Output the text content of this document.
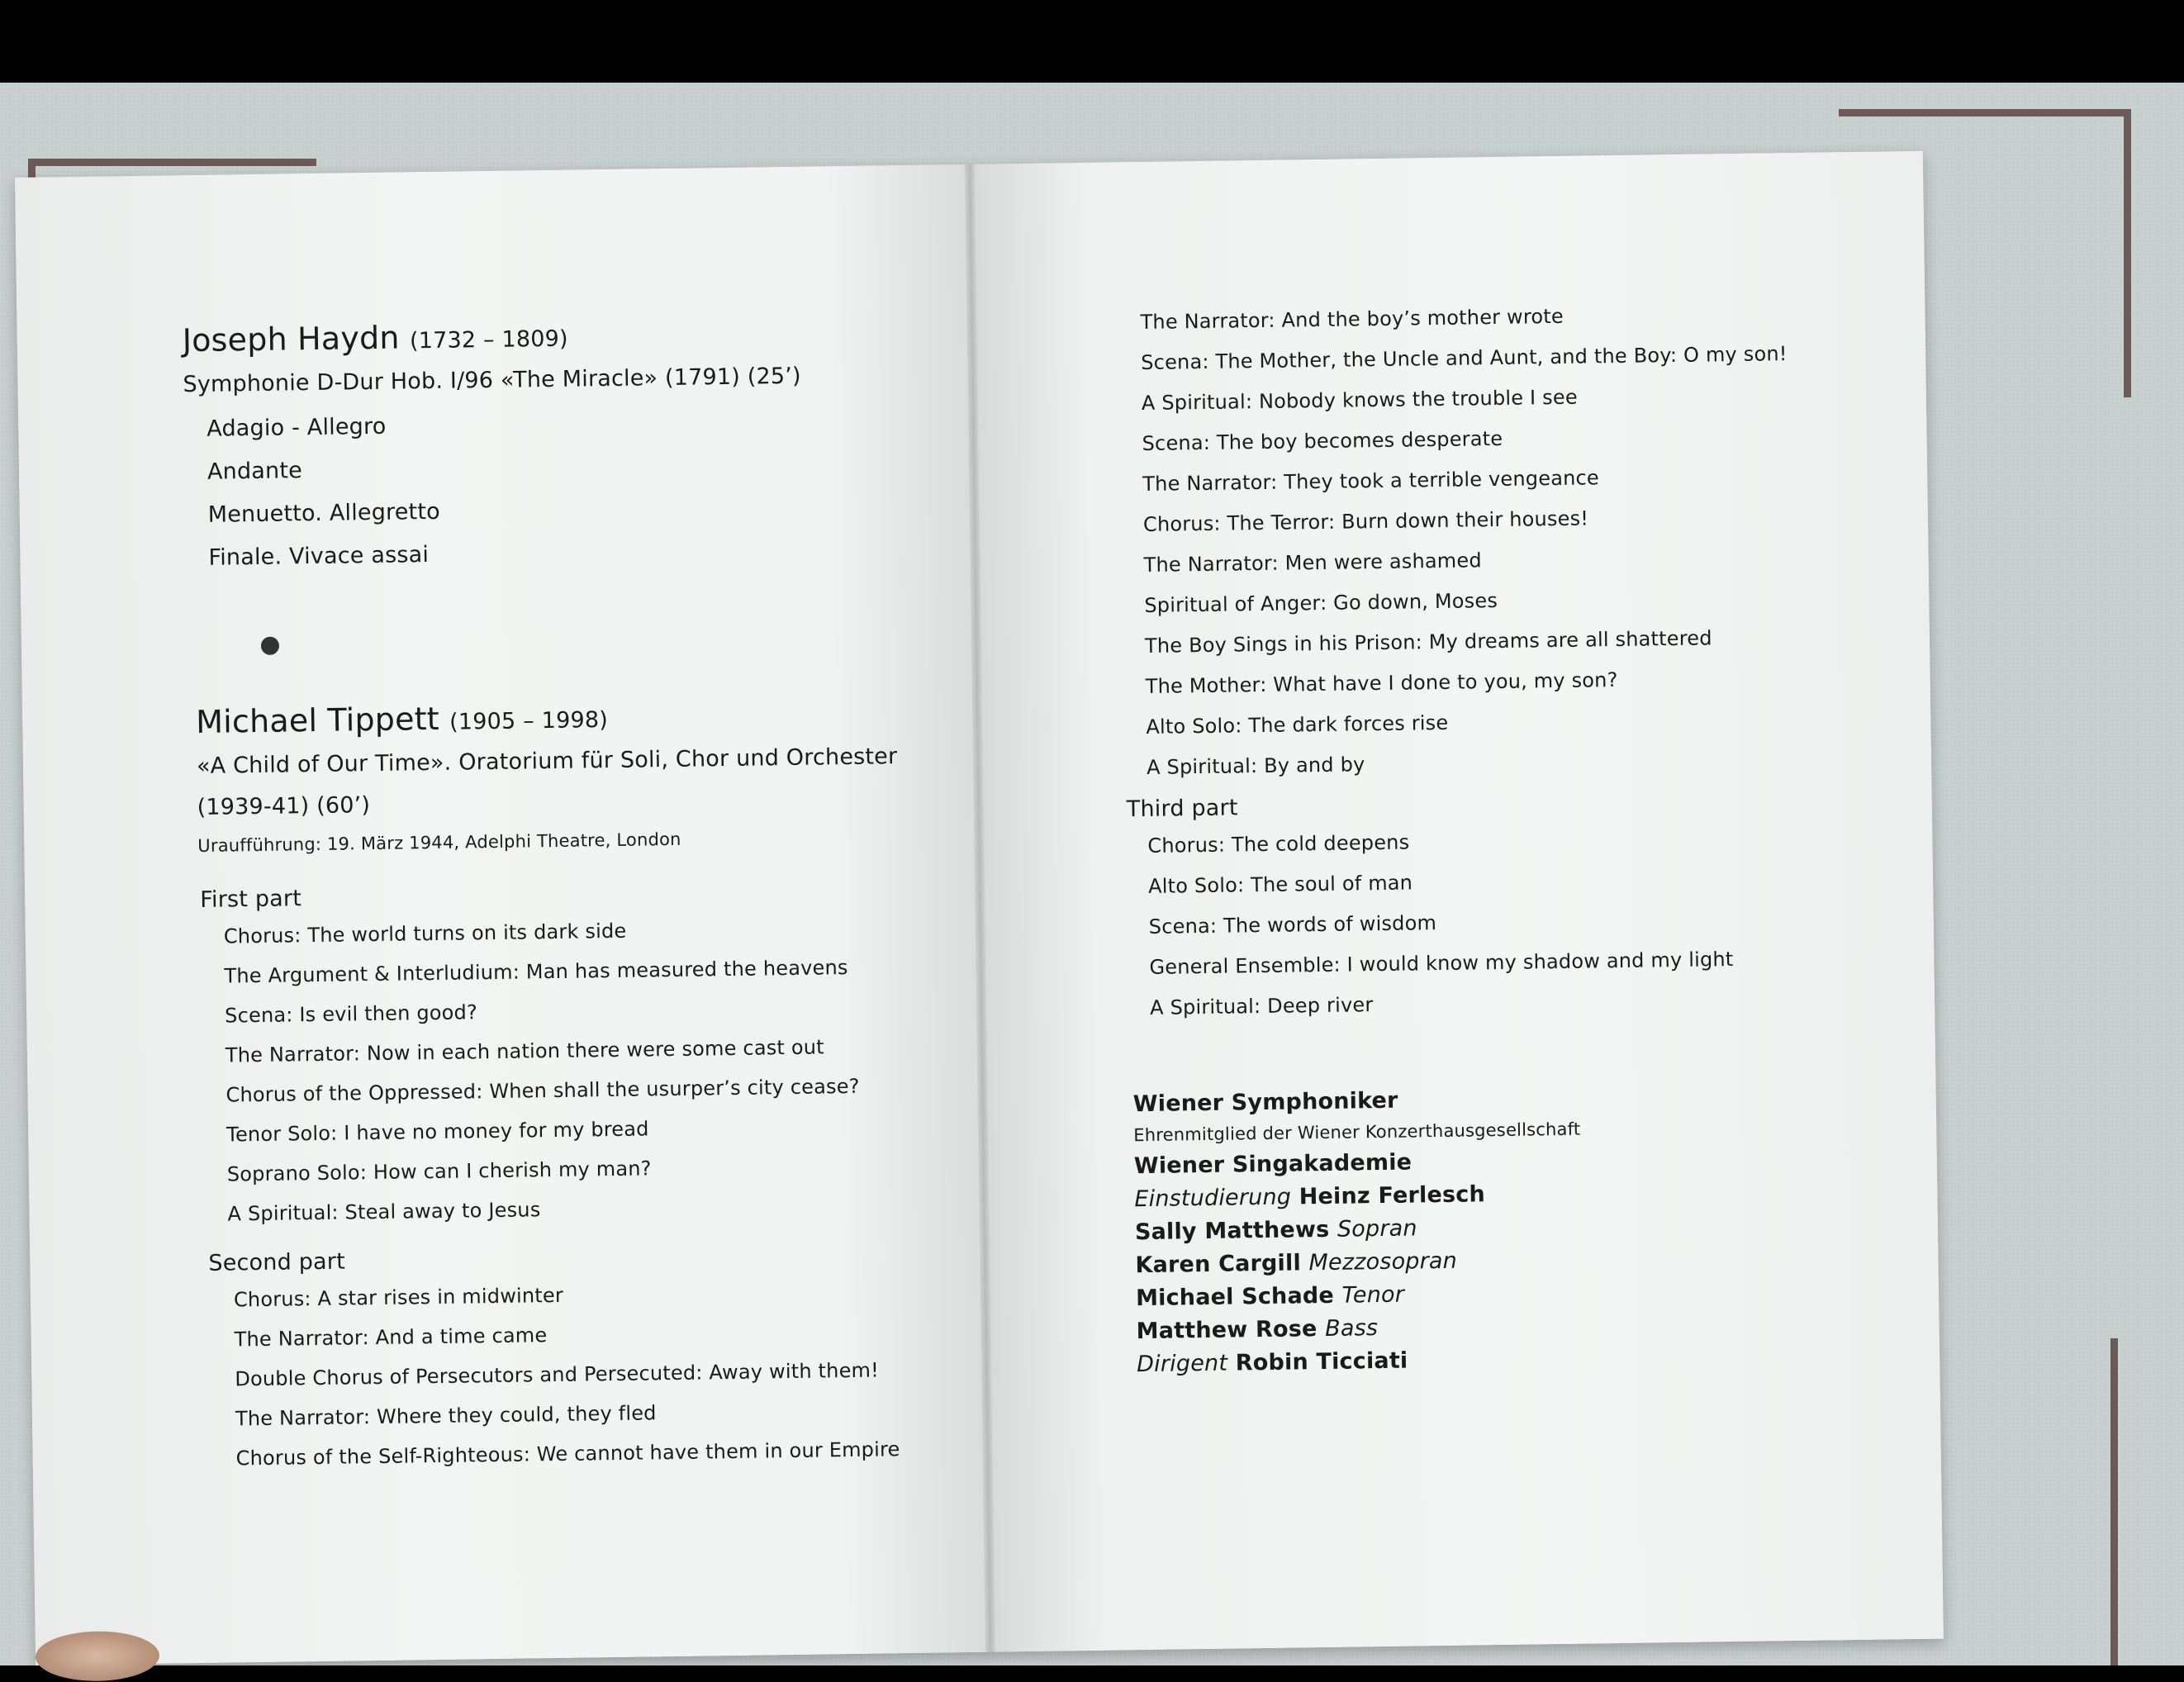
Joseph Haydn (1732 – 1809)
Symphonie D-Dur Hob. I/96 «The Miracle» (1791) (25’)
Adagio - Allegro
Andante
Menuetto. Allegretto
Finale. Vivace assai
Michael Tippett (1905 – 1998)
«A Child of Our Time». Oratorium für Soli, Chor und Orchester
(1939-41) (60’)
Uraufführung: 19. März 1944, Adelphi Theatre, London
First part
Chorus: The world turns on its dark side
The Argument & Interludium: Man has measured the heavens
Scena: Is evil then good?
The Narrator: Now in each nation there were some cast out
Chorus of the Oppressed: When shall the usurper’s city cease?
Tenor Solo: I have no money for my bread
Soprano Solo: How can I cherish my man?
A Spiritual: Steal away to Jesus
Second part
Chorus: A star rises in midwinter
The Narrator: And a time came
Double Chorus of Persecutors and Persecuted: Away with them!
The Narrator: Where they could, they fled
Chorus of the Self-Righteous: We cannot have them in our Empire
The Narrator: And the boy’s mother wrote
Scena: The Mother, the Uncle and Aunt, and the Boy: O my son!
A Spiritual: Nobody knows the trouble I see
Scena: The boy becomes desperate
The Narrator: They took a terrible vengeance
Chorus: The Terror: Burn down their houses!
The Narrator: Men were ashamed
Spiritual of Anger: Go down, Moses
The Boy Sings in his Prison: My dreams are all shattered
The Mother: What have I done to you, my son?
Alto Solo: The dark forces rise
A Spiritual: By and by
Third part
Chorus: The cold deepens
Alto Solo: The soul of man
Scena: The words of wisdom
General Ensemble: I would know my shadow and my light
A Spiritual: Deep river
Wiener Symphoniker
Ehrenmitglied der Wiener Konzerthausgesellschaft
Wiener Singakademie
Einstudierung Heinz Ferlesch
Sally Matthews Sopran
Karen Cargill Mezzosopran
Michael Schade Tenor
Matthew Rose Bass
Dirigent Robin Ticciati
